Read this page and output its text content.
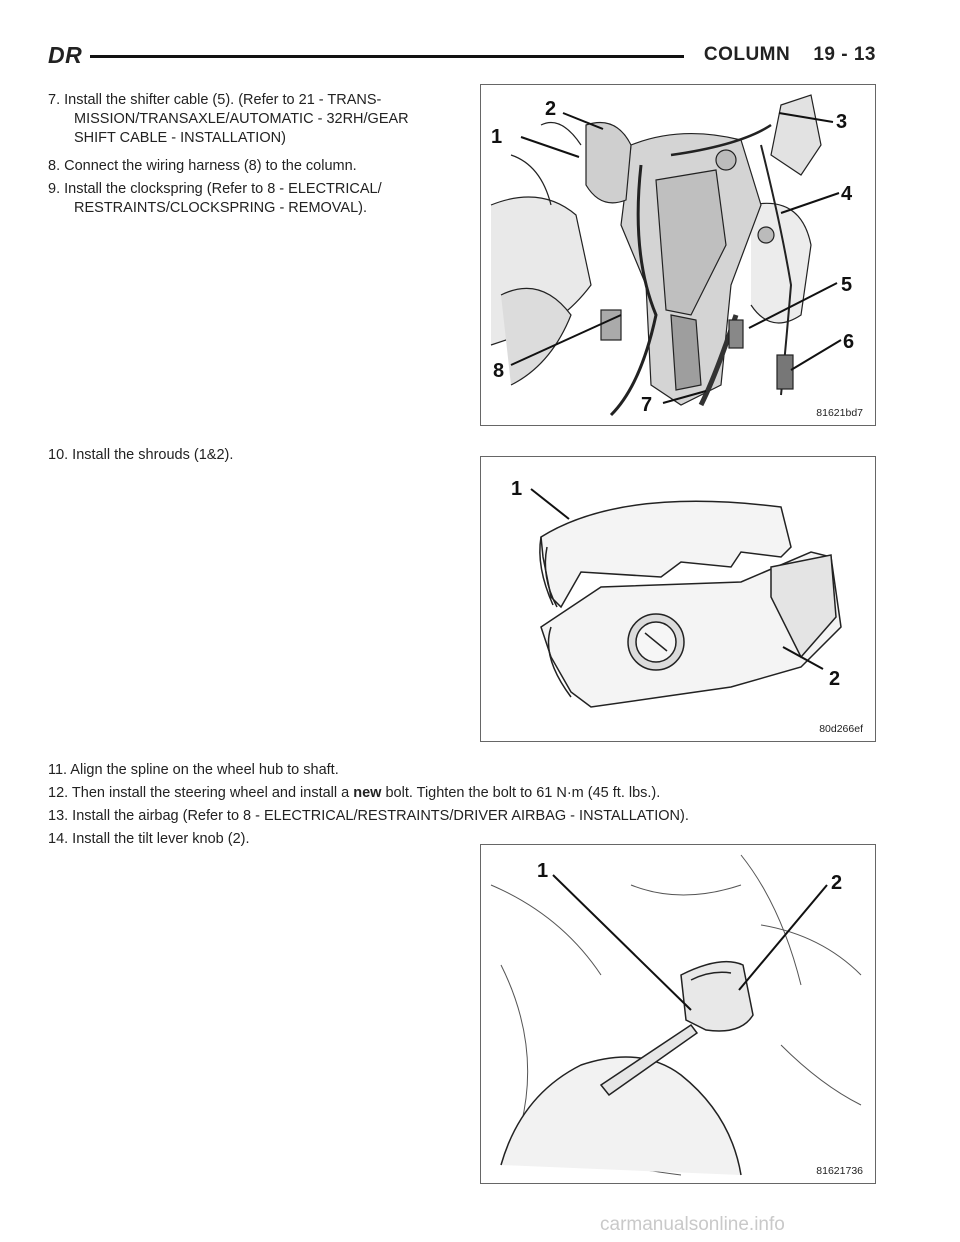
DR	COLUMN    19 - 13
7. Install the shifter cable (5). (Refer to 21 - TRANS-
MISSION/TRANSAXLE/AUTOMATIC - 32RH/GEAR
SHIFT CABLE - INSTALLATION)
8. Connect the wiring harness (8) to the column.
9. Install the clockspring (Refer to 8 - ELECTRICAL/
RESTRAINTS/CLOCKSPRING - REMOVAL).
1
2
3
4
5
6
7
8
81621bd7
10. Install the shrouds (1&2).
1
2
80d266ef
11. Align the spline on the wheel hub to shaft.
12. Then install the steering wheel and install a new bolt. Tighten the bolt to 61 N·m (45 ft. lbs.).
13. Install the airbag (Refer to 8 - ELECTRICAL/RESTRAINTS/DRIVER AIRBAG - INSTALLATION).
14. Install the tilt lever knob (2).
1
2
81621736
carmanualsonline.info
